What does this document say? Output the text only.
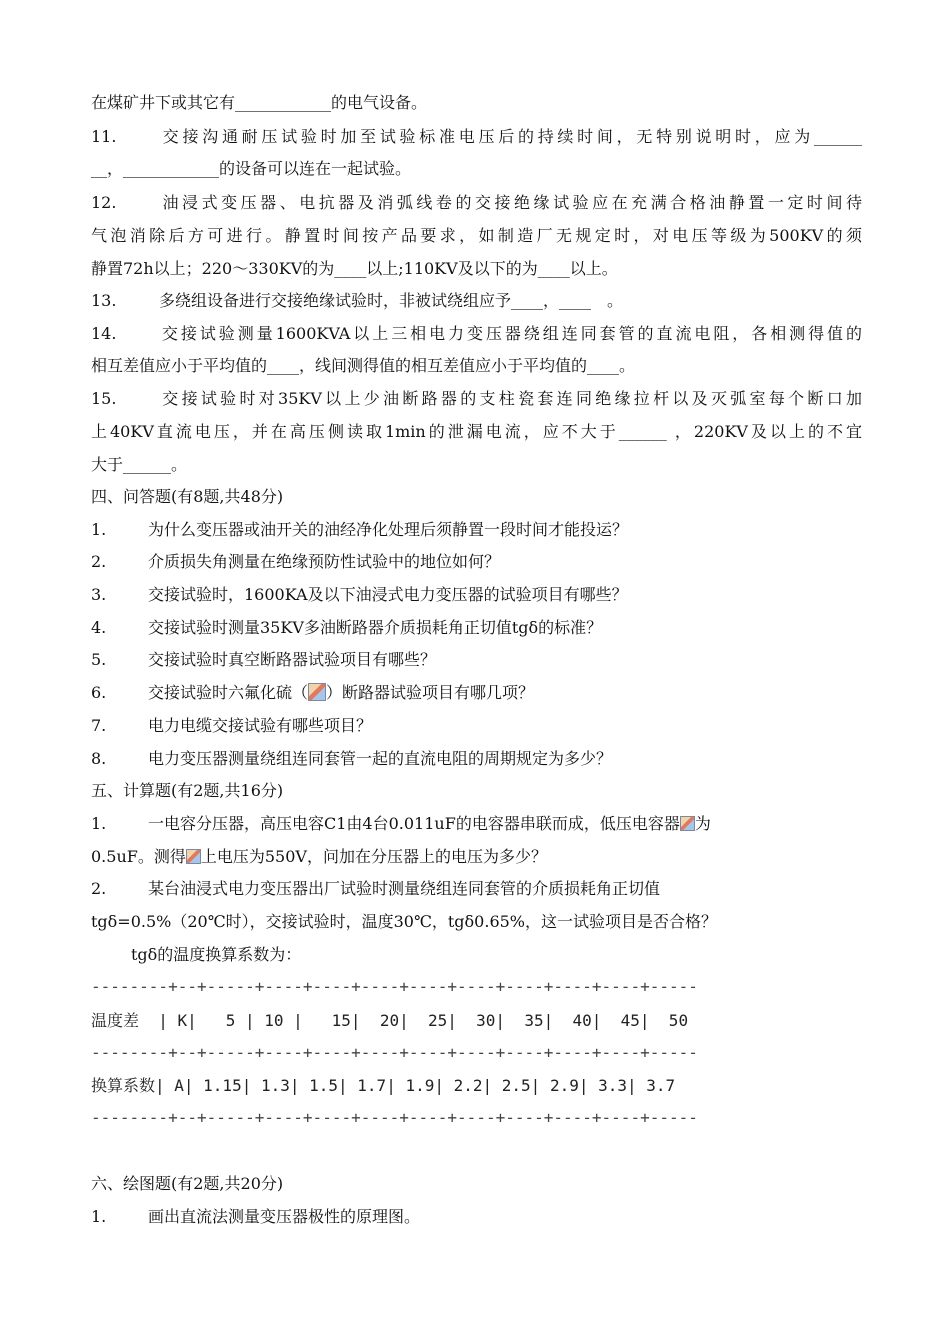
在煤矿井下或其它有____________的电气设备。
11.	交接沟通耐压试验时加至试验标准电压后的持续时间，无特别说明时，应为______
__，____________的设备可以连在一起试验。
12.	油浸式变压器、电抗器及消弧线卷的交接绝缘试验应在充满合格油静置一定时间待
气泡消除后方可进行。静置时间按产品要求，如制造厂无规定时，对电压等级为500KV的须
静置72h以上；220～330KV的为____以上;110KV及以下的为____以上。
13.	多绕组设备进行交接绝缘试验时，非被试绕组应予____，____　。
14.	交接试验测量1600KVA以上三相电力变压器绕组连同套管的直流电阻，各相测得值的
相互差值应小于平均值的____，线间测得值的相互差值应小于平均值的____。
15.	交接试验时对35KV以上少油断路器的支柱瓷套连同绝缘拉杆以及灭弧室每个断口加
上40KV直流电压，并在高压侧读取1min的泄漏电流，应不大于______ ，220KV及以上的不宜
大于______。
四、问答题(有8题,共48分)
1.	为什么变压器或油开关的油经净化处理后须静置一段时间才能投运？
2.	介质损失角测量在绝缘预防性试验中的地位如何？
3.	交接试验时，1600KA及以下油浸式电力变压器的试验项目有哪些？
4.	交接试验时测量35KV多油断路器介质损耗角正切值tgδ的标准？
5.	交接试验时真空断路器试验项目有哪些？
6.	交接试验时六氟化硫（ ）断路器试验项目有哪几项？
7.	电力电缆交接试验有哪些项目？
8.	电力变压器测量绕组连同套管一起的直流电阻的周期规定为多少？
五、计算题(有2题,共16分)
1.	一电容分压器，高压电容C1由4台0.011uF的电容器串联而成，低压电容器 为
0.5uF。测得 上电压为550V，问加在分压器上的电压为多少？
2.	某台油浸式电力变压器出厂试验时测量绕组连同套管的介质损耗角正切值
tgδ=0.5%（20℃时），交接试验时，温度30℃，tgδ0.65%，这一试验项目是否合格？
tgδ的温度换算系数为：
--------+--+-----+----+----+----+----+----+----+----+----+-----
温度差  | K|   5 | 10 |   15|  20|  25|  30|  35|  40|  45|  50
--------+--+-----+----+----+----+----+----+----+----+----+-----
换算系数| A| 1.15| 1.3| 1.5| 1.7| 1.9| 2.2| 2.5| 2.9| 3.3| 3.7
--------+--+-----+----+----+----+----+----+----+----+----+-----
六、绘图题(有2题,共20分)
1.	画出直流法测量变压器极性的原理图。
